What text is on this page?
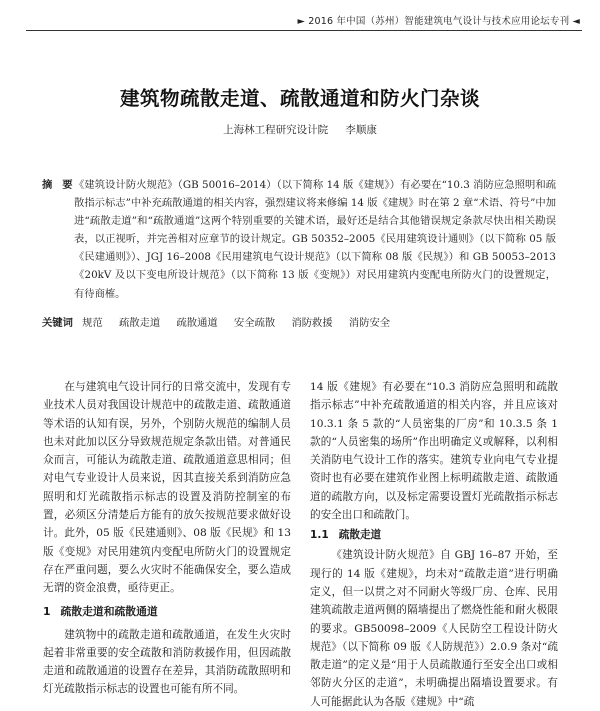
► 2016 年中国（苏州）智能建筑电气设计与技术应用论坛专刊 ◄
建筑物疏散走道、疏散通道和防火门杂谈
上海林工程研究设计院 李顺康
摘要
《建筑设计防火规范》（GB 50016–2014）（以下简称 14 版《建规》）有必要在“10.3 消防应急照明和疏散指示标志”中补充疏散通道的相关内容，强烈建议将来修编 14 版《建规》时在第 2 章“术语、符号”中加进“疏散走道”和“疏散通道”这两个特别重要的关键术语，最好还是结合其他错误规定条款尽快出相关勘误表，以正视听，并完善相对应章节的设计规定。GB 50352–2005《民用建筑设计通则》（以下简称 05 版《民建通则》）、JGJ 16–2008《民用建筑电气设计规范》（以下简称 08 版《民规》）和 GB 50053–2013《20kV 及以下变电所设计规范》（以下简称 13 版《变规》）对民用建筑内变配电所防火门的设置规定，有待商榷。
关键词 规范 疏散走道 疏散通道 安全疏散 消防救援 消防安全

在与建筑电气设计同行的日常交流中，发现有专业技术人员对我国设计规范中的疏散走道、疏散通道等术语的认知有误，另外，个别防火规范的编制人员也未对此加以区分导致规范规定条款出错。对普通民众而言，可能认为疏散走道、疏散通道意思相同；但对电气专业设计人员来说，因其直接关系到消防应急照明和灯光疏散指示标志的设置及消防控制室的布置，必须区分清楚后方能有的放矢按规范要求做好设计。此外，05 版《民建通则》、08 版《民规》和 13 版《变规》对民用建筑内变配电所防火门的设置规定存在严重问题，要么火灾时不能确保安全，要么造成无谓的资金浪费，亟待更正。

1 疏散走道和疏散通道

建筑物中的疏散走道和疏散通道，在发生火灾时起着非常重要的安全疏散和消防救援作用，但因疏散走道和疏散通道的设置存在差异，其消防疏散照明和灯光疏散指示标志的设置也可能有所不同。

14 版《建规》有必要在“10.3 消防应急照明和疏散指示标志”中补充疏散通道的相关内容，并且应该对 10.3.1 条 5 款的“人员密集的厂房”和 10.3.5 条 1 款的“人员密集的场所”作出明确定义或解释，以利相关消防电气设计工作的落实。建筑专业向电气专业提资时也有必要在建筑作业图上标明疏散走道、疏散通道的疏散方向，以及标定需要设置灯光疏散指示标志的安全出口和疏散门。

1.1 疏散走道

《建筑设计防火规范》自 GBJ 16–87 开始，至现行的 14 版《建规》，均未对“疏散走道”进行明确定义，但一以贯之对不同耐火等级厂房、仓库、民用建筑疏散走道两侧的隔墙提出了燃烧性能和耐火极限的要求。GB50098–2009《人民防空工程设计防火规范》（以下简称 09 版《人防规范》）2.0.9 条对“疏散走道”的定义是“用于人员疏散通行至安全出口或相邻防火分区的走道”，未明确提出隔墙设置要求。有人可能据此认为各版《建规》中“疏
